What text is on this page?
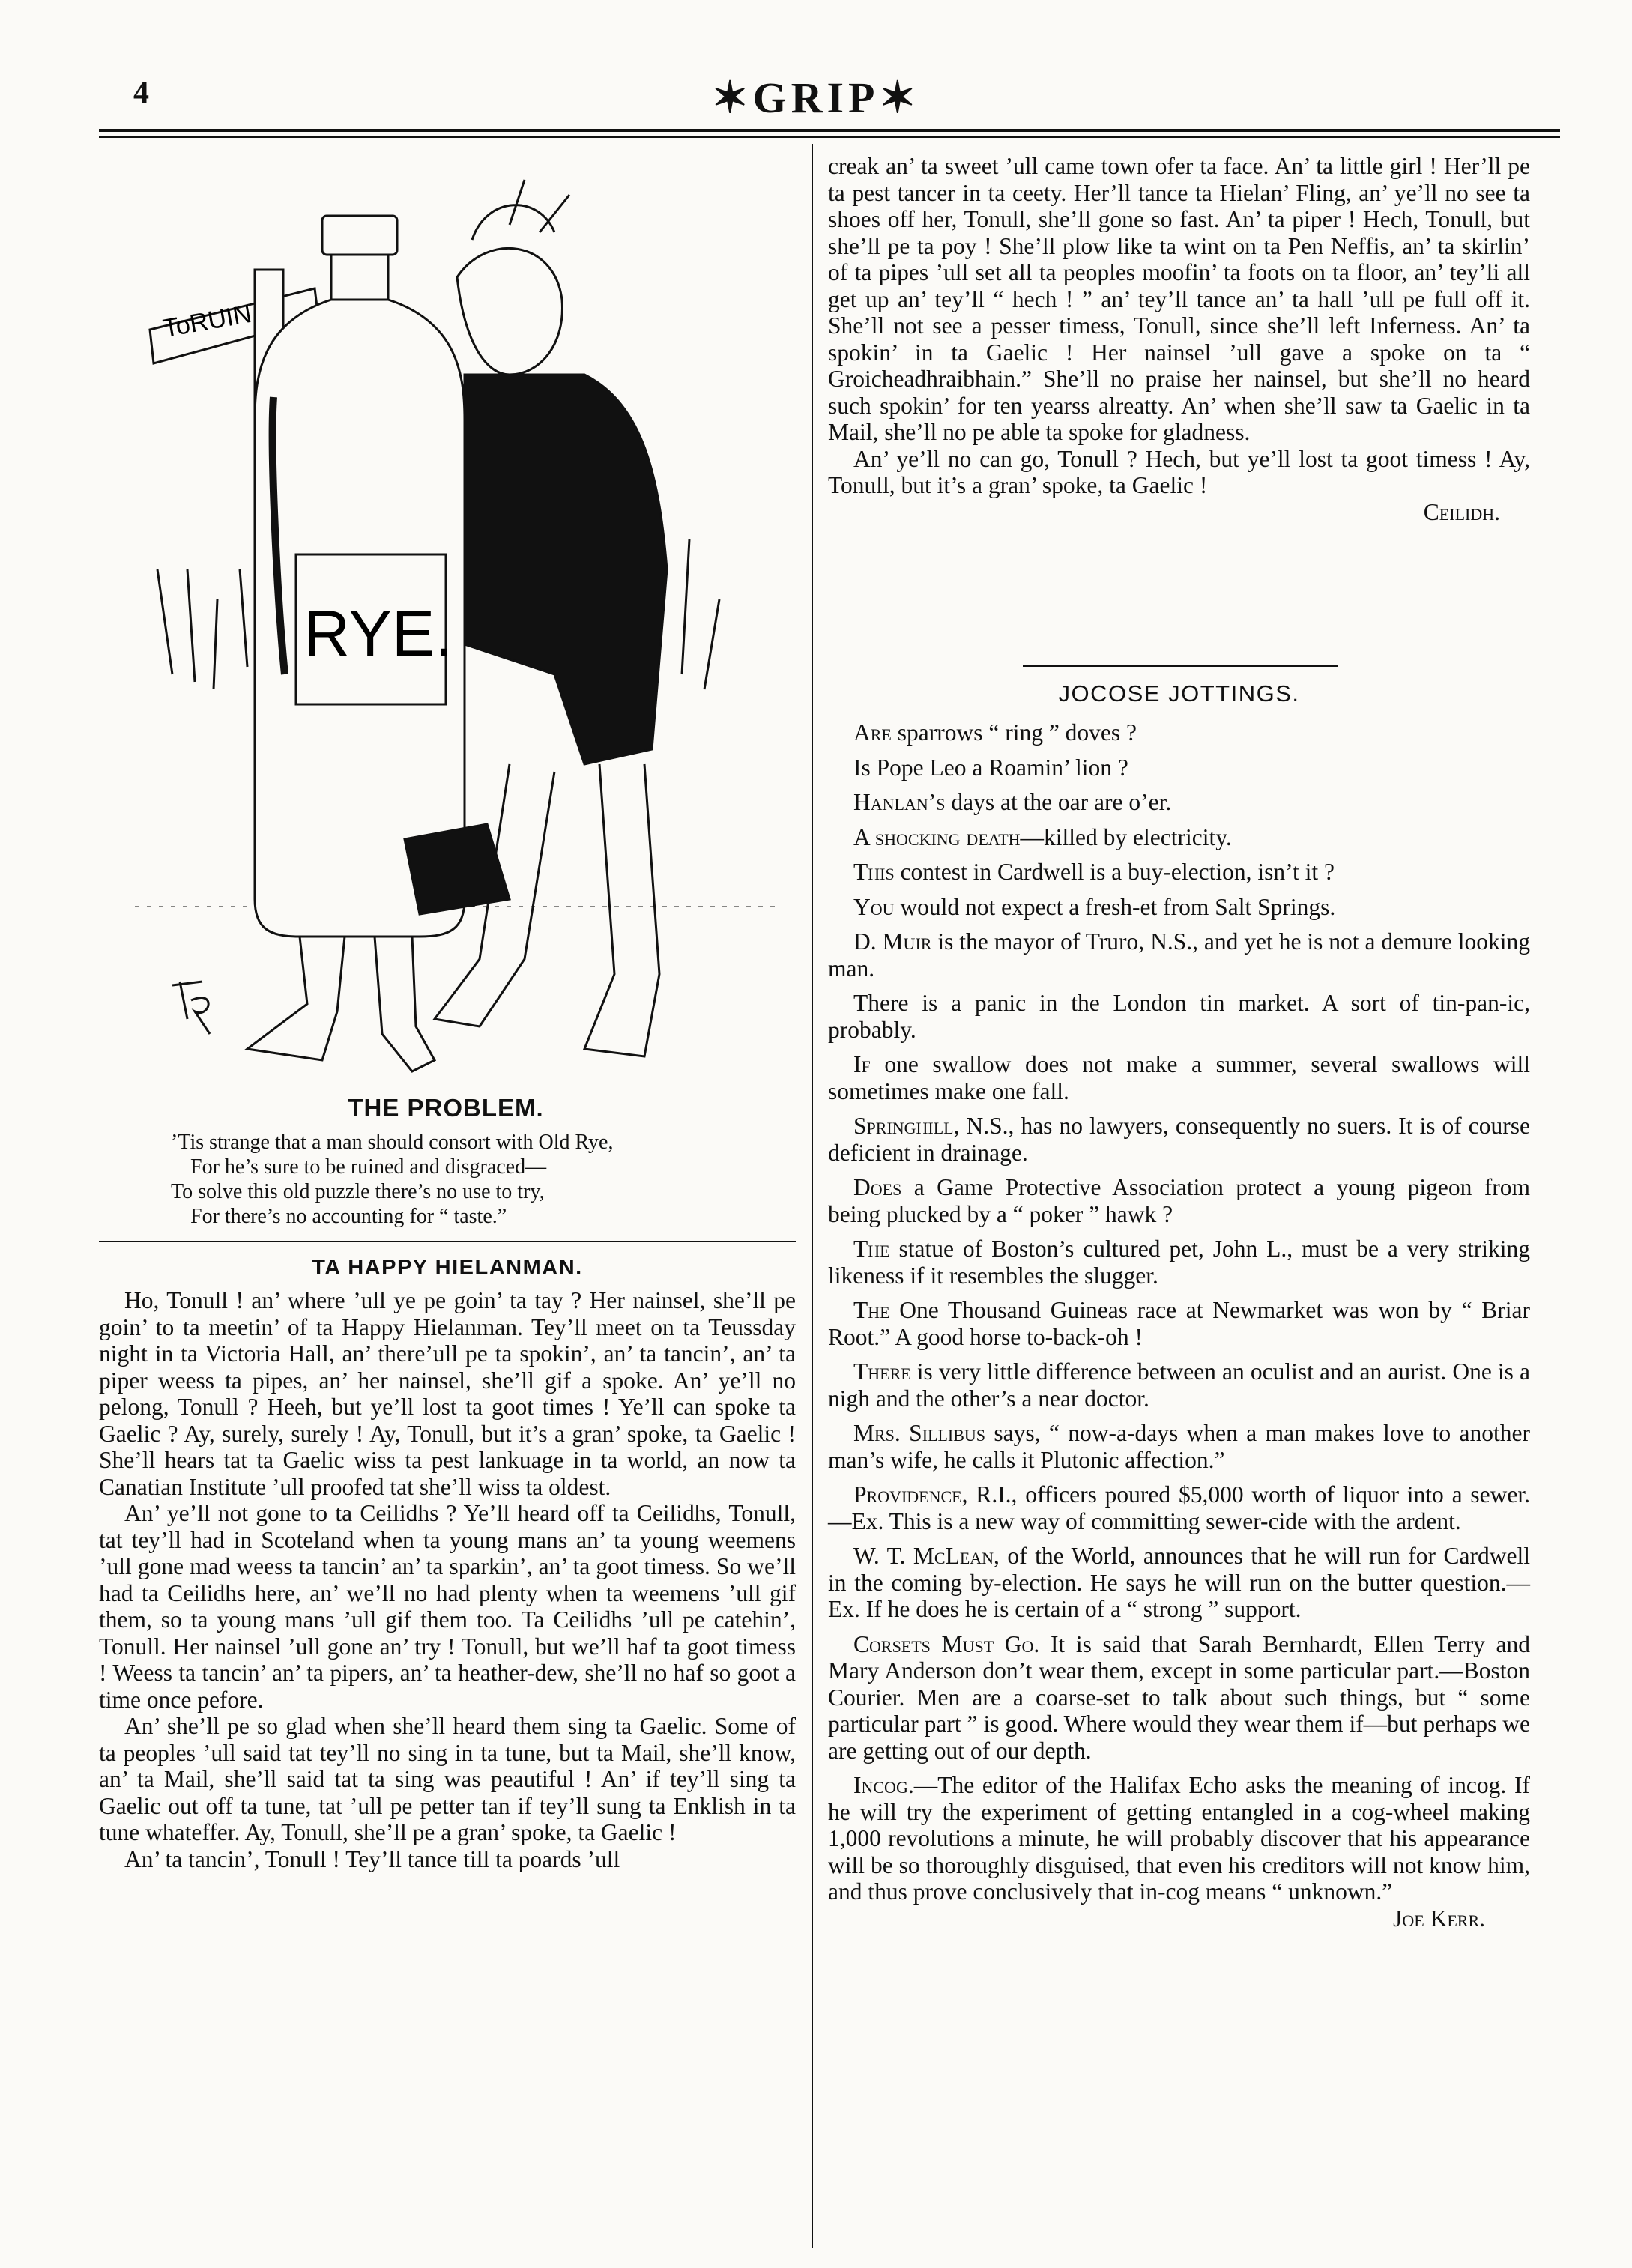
4	✶GRIP✶
ToRUIN
RYE.
THE PROBLEM.
’Tis strange that a man should consort with Old Rye,
For he’s sure to be ruined and disgraced—
To solve this old puzzle there’s no use to try,
For there’s no accounting for “ taste.”
TA HAPPY HIELANMAN.

Ho, Tonull ! an’ where ’ull ye pe goin’ ta tay ? Her nainsel, she’ll pe goin’ to ta meetin’ of ta Happy Hielanman. Tey’ll meet on ta Teussday night in ta Victoria Hall, an’ there’ull pe ta spokin’, an’ ta tancin’, an’ ta piper weess ta pipes, an’ her nainsel, she’ll gif a spoke. An’ ye’ll no pelong, Tonull ? Heeh, but ye’ll lost ta goot times ! Ye’ll can spoke ta Gaelic ? Ay, surely, surely ! Ay, Tonull, but it’s a gran’ spoke, ta Gaelic ! She’ll hears tat ta Gaelic wiss ta pest lankuage in ta world, an now ta Canatian Institute ’ull proofed tat she’ll wiss ta oldest.

An’ ye’ll not gone to ta Ceilidhs ? Ye’ll heard off ta Ceilidhs, Tonull, tat tey’ll had in Scoteland when ta young mans an’ ta young weemens ’ull gone mad weess ta tancin’ an’ ta sparkin’, an’ ta goot timess. So we’ll had ta Ceilidhs here, an’ we’ll no had plenty when ta weemens ’ull gif them, so ta young mans ’ull gif them too. Ta Ceilidhs ’ull pe catehin’, Tonull. Her nainsel ’ull gone an’ try ! Tonull, but we’ll haf ta goot timess ! Weess ta tancin’ an’ ta pipers, an’ ta heather-dew, she’ll no haf so goot a time once pefore.

An’ she’ll pe so glad when she’ll heard them sing ta Gaelic. Some of ta peoples ’ull said tat tey’ll no sing in ta tune, but ta Mail, she’ll know, an’ ta Mail, she’ll said tat ta sing was peautiful ! An’ if tey’ll sing ta Gaelic out off ta tune, tat ’ull pe petter tan if tey’ll sung ta Enklish in ta tune whateffer. Ay, Tonull, she’ll pe a gran’ spoke, ta Gaelic !

An’ ta tancin’, Tonull ! Tey’ll tance till ta poards ’ull

creak an’ ta sweet ’ull came town ofer ta face. An’ ta little girl ! Her’ll pe ta pest tancer in ta ceety. Her’ll tance ta Hielan’ Fling, an’ ye’ll no see ta shoes off her, Tonull, she’ll gone so fast. An’ ta piper ! Hech, Tonull, but she’ll pe ta poy ! She’ll plow like ta wint on ta Pen Neffis, an’ ta skirlin’ of ta pipes ’ull set all ta peoples moofin’ ta foots on ta floor, an’ tey’li all get up an’ tey’ll “ hech ! ” an’ tey’ll tance an’ ta hall ’ull pe full off it. She’ll not see a pesser timess, Tonull, since she’ll left Inferness. An’ ta spokin’ in ta Gaelic ! Her nainsel ’ull gave a spoke on ta “ Groicheadhraibhain.” She’ll no praise her nainsel, but she’ll no heard such spokin’ for ten yearss alreatty. An’ when she’ll saw ta Gaelic in ta Mail, she’ll no pe able ta spoke for gladness.

An’ ye’ll no can go, Tonull ? Hech, but ye’ll lost ta goot timess ! Ay, Tonull, but it’s a gran’ spoke, ta Gaelic !

Ceilidh.

JOCOSE JOTTINGS.

Are sparrows “ ring ” doves ?

Is Pope Leo a Roamin’ lion ?

Hanlan’s days at the oar are o’er.

A shocking death—killed by electricity.

This contest in Cardwell is a buy-election, isn’t it ?

You would not expect a fresh-et from Salt Springs.

D. Muir is the mayor of Truro, N.S., and yet he is not a demure looking man.

There is a panic in the London tin market. A sort of tin-pan-ic, probably.

If one swallow does not make a summer, several swallows will sometimes make one fall.

Springhill, N.S., has no lawyers, consequently no suers. It is of course deficient in drainage.

Does a Game Protective Association protect a young pigeon from being plucked by a “ poker ” hawk ?

The statue of Boston’s cultured pet, John L., must be a very striking likeness if it resembles the slugger.

The One Thousand Guineas race at Newmarket was won by “ Briar Root.” A good horse to-back-oh !

There is very little difference between an oculist and an aurist. One is a nigh and the other’s a near doctor.

Mrs. Sillibus says, “ now-a-days when a man makes love to another man’s wife, he calls it Plutonic affection.”

Providence, R.I., officers poured $5,000 worth of liquor into a sewer.—Ex. This is a new way of committing sewer-cide with the ardent.

W. T. McLean, of the World, announces that he will run for Cardwell in the coming by-election. He says he will run on the butter question.—Ex. If he does he is certain of a “ strong ” support.

Corsets Must Go. It is said that Sarah Bernhardt, Ellen Terry and Mary Anderson don’t wear them, except in some particular part.—Boston Courier. Men are a coarse-set to talk about such things, but “ some particular part ” is good. Where would they wear them if—but perhaps we are getting out of our depth.

Incog.—The editor of the Halifax Echo asks the meaning of incog. If he will try the experiment of getting entangled in a cog-wheel making 1,000 revolutions a minute, he will probably discover that his appearance will be so thoroughly disguised, that even his creditors will not know him, and thus prove conclusively that in-cog means “ unknown.”
Joe Kerr.
